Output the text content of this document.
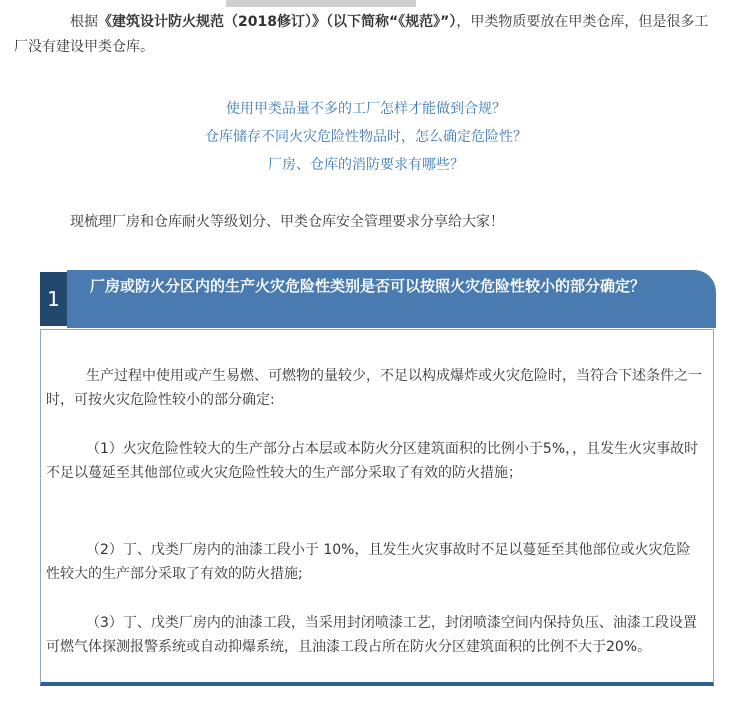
根据《建筑设计防火规范（2018修订）》（以下简称“《规范》”），甲类物质要放在甲类仓库，但是很多工厂没有建设甲类仓库。

使用甲类品量不多的工厂怎样才能做到合规？
仓库储存不同火灾危险性物品时，怎么确定危险性？
厂房、仓库的消防要求有哪些？

现梳理厂房和仓库耐火等级划分、甲类仓库安全管理要求分享给大家！

1
厂房或防火分区内的生产火灾危险性类别是否可以按照火灾危险性较小的部分确定？

生产过程中使用或产生易燃、可燃物的量较少，不足以构成爆炸或火灾危险时，当符合下述条件之一时，可按火灾危险性较小的部分确定:

（1）火灾危险性较大的生产部分占本层或本防火分区建筑面积的比例小于5%，，且发生火灾事故时不足以蔓延至其他部位或火灾危险性较大的生产部分采取了有效的防火措施；

（2）丁、戊类厂房内的油漆工段小于 10%，且发生火灾事故时不足以蔓延至其他部位或火灾危险性较大的生产部分采取了有效的防火措施;

（3）丁、戊类厂房内的油漆工段，当采用封闭喷漆工艺，封闭喷漆空间内保持负压、油漆工段设置可燃气体探测报警系统或自动抑爆系统，且油漆工段占所在防火分区建筑面积的比例不大于20%。
